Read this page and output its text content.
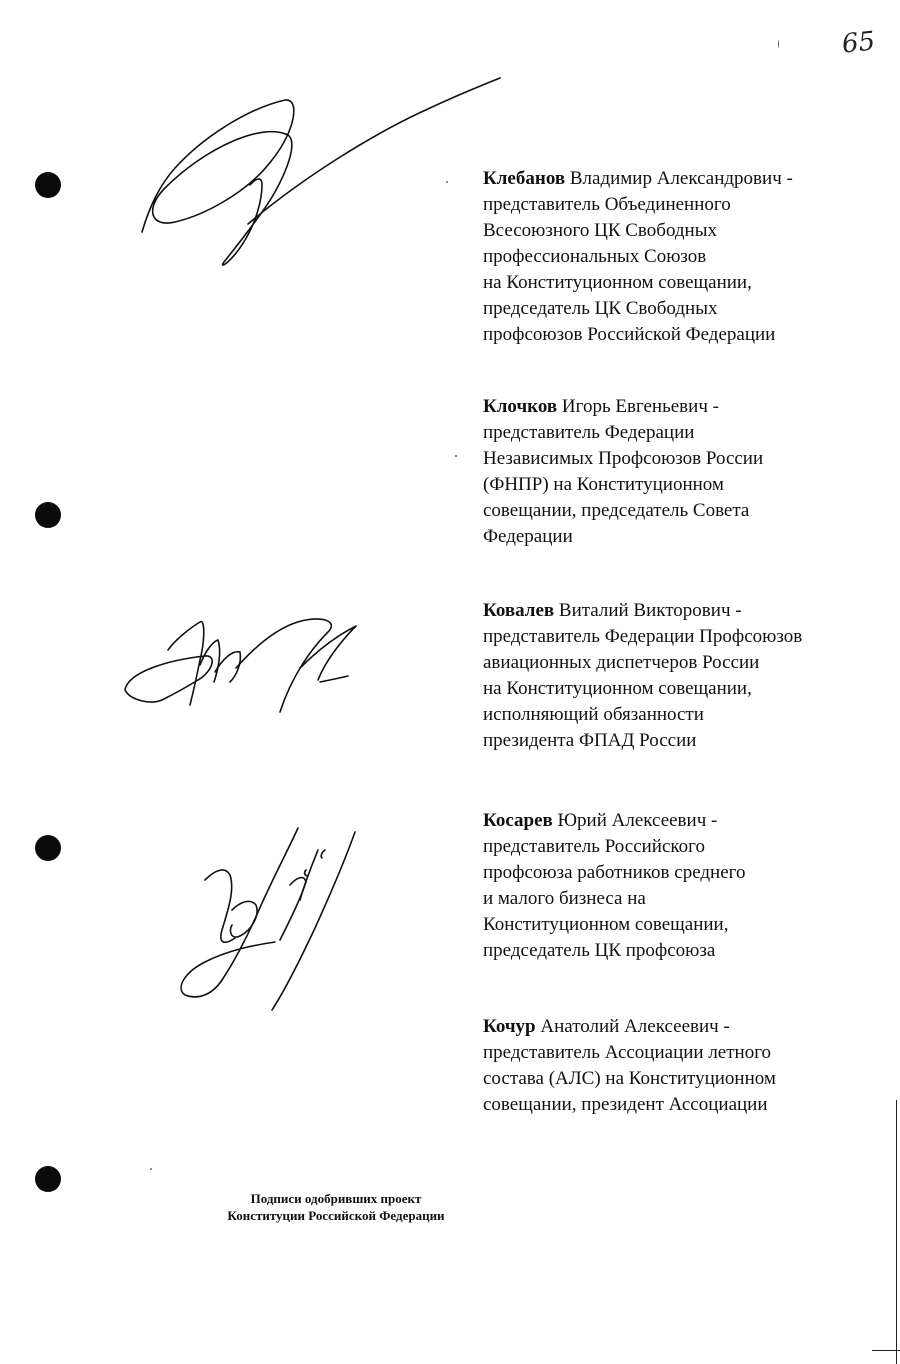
65
Клебанов Владимир Александрович -
представитель Объединенного
Всесоюзного ЦК Свободных
профессиональных Союзов
на Конституционном совещании,
председатель ЦК Свободных
профсоюзов Российской Федерации
Клочков Игорь Евгеньевич -
представитель Федерации
Независимых Профсоюзов России
(ФНПР) на Конституционном
совещании, председатель Совета
Федерации
Ковалев Виталий Викторович -
представитель Федерации Профсоюзов
авиационных диспетчеров России
на Конституционном совещании,
исполняющий обязанности
президента ФПАД России
Косарев Юрий Алексеевич -
представитель Российского
профсоюза работников среднего
и малого бизнеса на
Конституционном совещании,
председатель ЦК профсоюза
Кочур Анатолий Алексеевич -
представитель Ассоциации летного
состава (АЛС) на Конституционном
совещании, президент Ассоциации
Подписи одобривших проект
Конституции Российской Федерации
